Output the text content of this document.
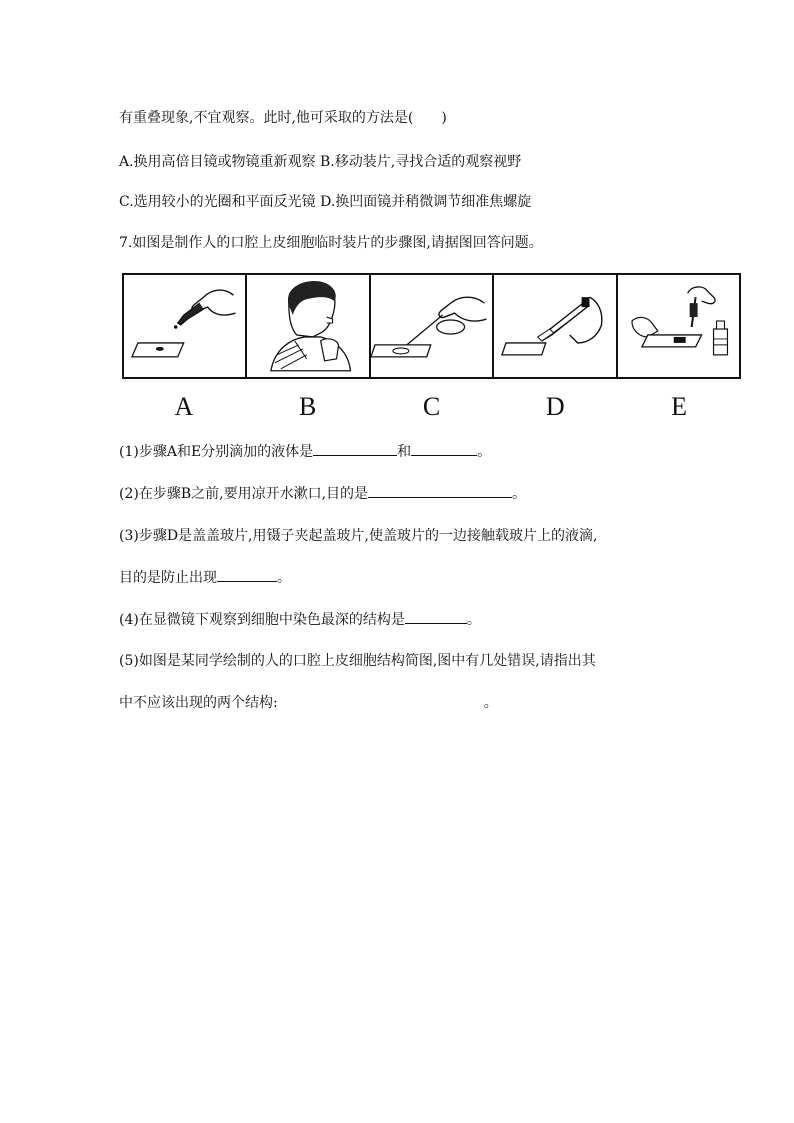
有重叠现象,不宜观察。此时,他可采取的方法是(　　)
A.换用高倍目镜或物镜重新观察 B.移动装片,寻找合适的观察视野
C.选用较小的光圈和平面反光镜 D.换凹面镜并稍微调节细准焦螺旋
7.如图是制作人的口腔上皮细胞临时装片的步骤图,请据图回答问题。
A	B	C	D	E
(1)步骤A和E分别滴加的液体是	和	。
(2)在步骤B之前,要用凉开水漱口,目的是	。
(3)步骤D是盖盖玻片,用镊子夹起盖玻片,使盖玻片的一边接触载玻片上的液滴,
目的是防止出现	。
(4)在显微镜下观察到细胞中染色最深的结构是	。
(5)如图是某同学绘制的人的口腔上皮细胞结构简图,图中有几处错误,请指出其
中不应该出现的两个结构:	。
